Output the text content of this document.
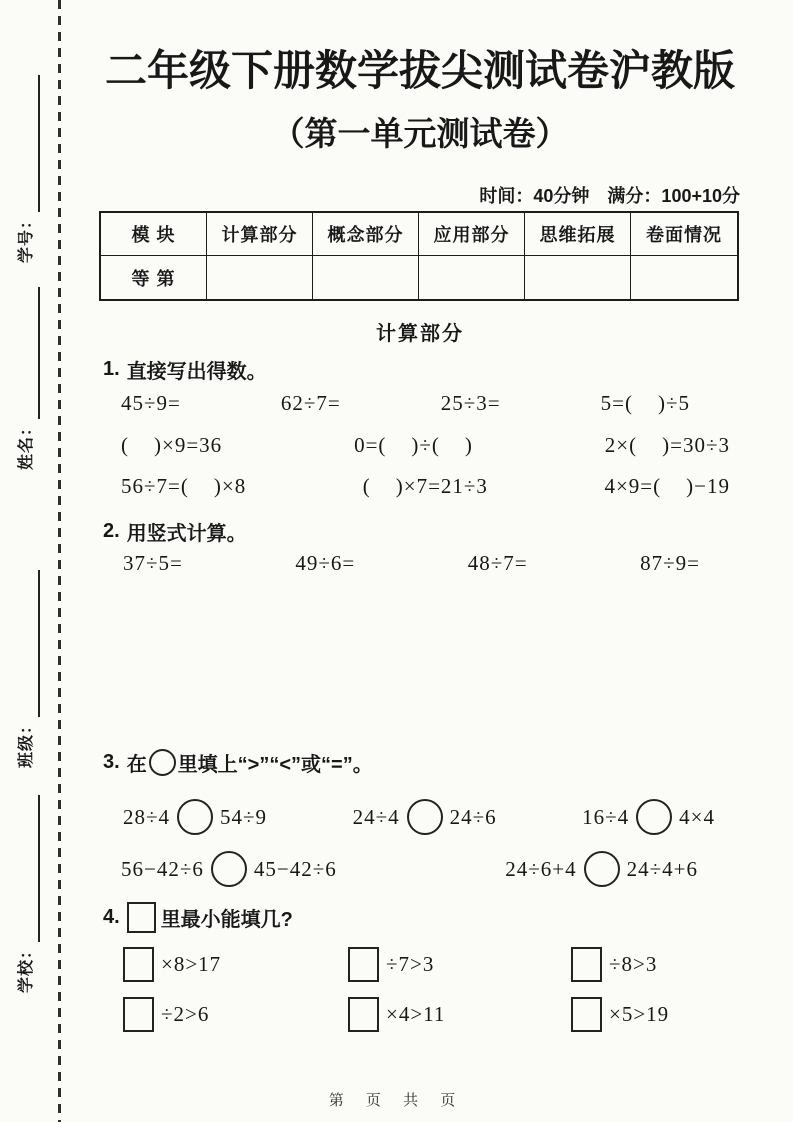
学号：
姓名：
班级：
学校：
二年级下册数学拔尖测试卷沪教版
（第一单元测试卷）
时间：40分钟　满分：100+10分
模 块	计算部分	概念部分	应用部分	思维拓展	卷面情况
等 第
计算部分
1. 直接写出得数。
45÷9=	62÷7=	25÷3=	5=(    )÷5
(    )×9=36	0=(    )÷(    )	2×(    )=30÷3
56÷7=(    )×8	(    )×7=21÷3	4×9=(    )−19
2. 用竖式计算。
37÷5=	49÷6=	48÷7=	87÷9=
3. 在 里填上“>”“<”或“=”。
28÷4 54÷9	24÷4 24÷6	16÷4 4×4
56−42÷6 45−42÷6	24÷6+4 24÷4+6
4. 里最小能填几?
×8>17	÷7>3	÷8>3
÷2>6	×4>11	×5>19
第 页 共 页
